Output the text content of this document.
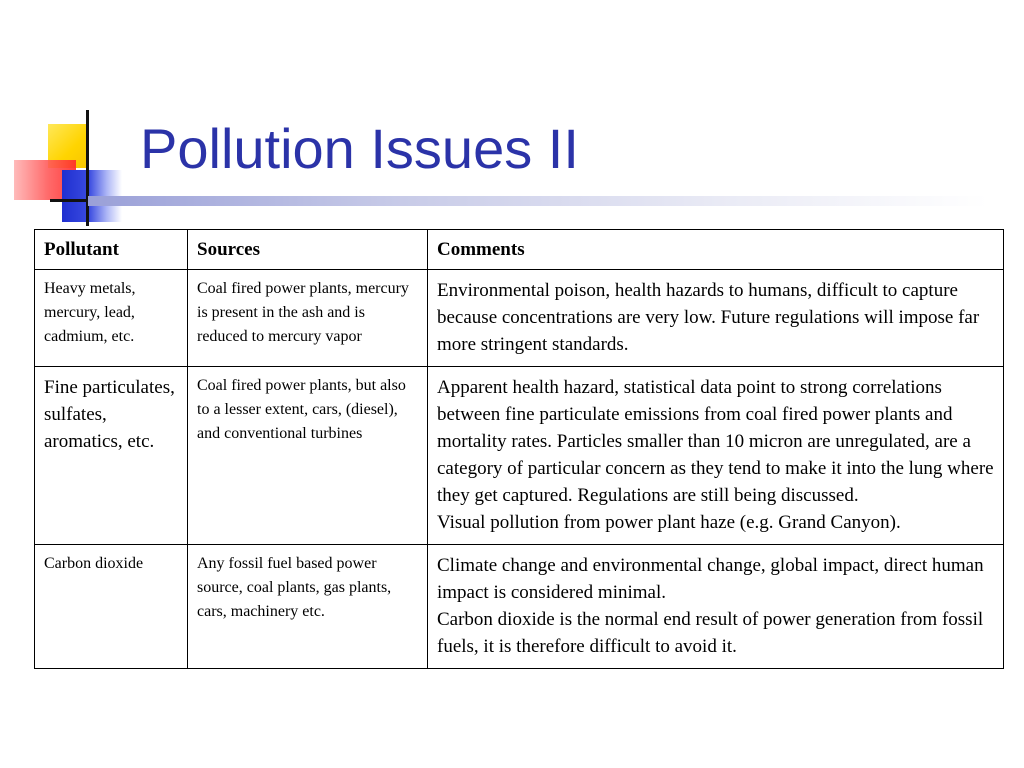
Pollution Issues II
Pollutant	Sources	Comments
Heavy metals, mercury, lead, cadmium, etc.	Coal fired power plants, mercury is present in the ash and is reduced to mercury vapor	Environmental poison, health hazards to humans, difficult to capture because concentrations are very low. Future regulations will impose far more stringent standards.

Fine particulates, sulfates, aromatics, etc.	Coal fired power plants, but also to a lesser extent, cars, (diesel), and conventional turbines	Apparent health hazard, statistical data point to strong correlations between fine particulate emissions from coal fired power plants and mortality rates. Particles smaller than 10 micron are unregulated, are a category of particular concern as they tend to make it into the lung where they get captured. Regulations are still being discussed.
Visual pollution from power plant haze (e.g. Grand Canyon).

Carbon dioxide	Any fossil fuel based power source, coal plants, gas plants, cars, machinery etc.	Climate change and environmental change, global impact, direct human impact is considered minimal.
Carbon dioxide is the normal end result of power generation from fossil fuels, it is therefore difficult to avoid it.
